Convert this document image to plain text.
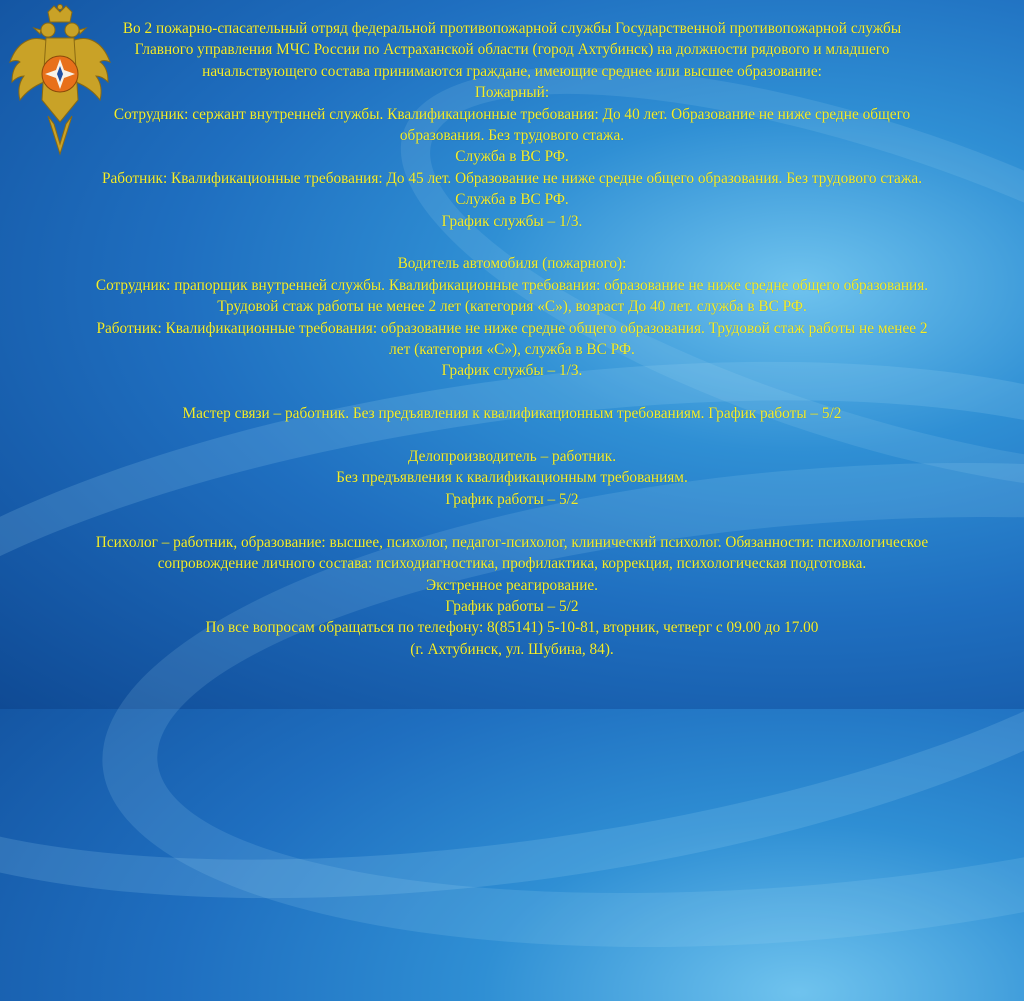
Во 2 пожарно-спасательный отряд федеральной противопожарной службы Государственной противопожарной службы
Главного управления МЧС России по Астраханской области (город Ахтубинск) на должности рядового и младшего
начальствующего состава принимаются граждане, имеющие среднее или высшее образование:
Пожарный:
Сотрудник: сержант внутренней службы. Квалификационные требования: До 40 лет. Образование не ниже средне общего
образования. Без трудового стажа.
Служба в ВС РФ.
Работник: Квалификационные требования: До 45 лет. Образование не ниже средне общего образования. Без трудового стажа.
Служба в ВС РФ.
График службы – 1/3.
Водитель автомобиля (пожарного):
Сотрудник: прапорщик внутренней службы. Квалификационные требования: образование не ниже средне общего образования.
Трудовой стаж работы не менее 2 лет (категория «С»), возраст До 40 лет. служба в ВС РФ.
Работник: Квалификационные требования: образование не ниже средне общего образования. Трудовой стаж работы не менее 2
лет (категория «С»), служба в ВС РФ.
График службы – 1/3.
Мастер связи – работник. Без предъявления к квалификационным требованиям. График работы – 5/2
Делопроизводитель – работник.
Без предъявления к квалификационным требованиям.
График работы – 5/2
Психолог – работник, образование: высшее, психолог, педагог-психолог, клинический психолог. Обязанности: психологическое
сопровождение личного состава: психодиагностика, профилактика, коррекция, психологическая подготовка.
Экстренное реагирование.
График работы – 5/2
По все вопросам обращаться по телефону: 8(85141) 5-10-81, вторник, четверг с 09.00 до 17.00
(г. Ахтубинск, ул. Шубина, 84).
